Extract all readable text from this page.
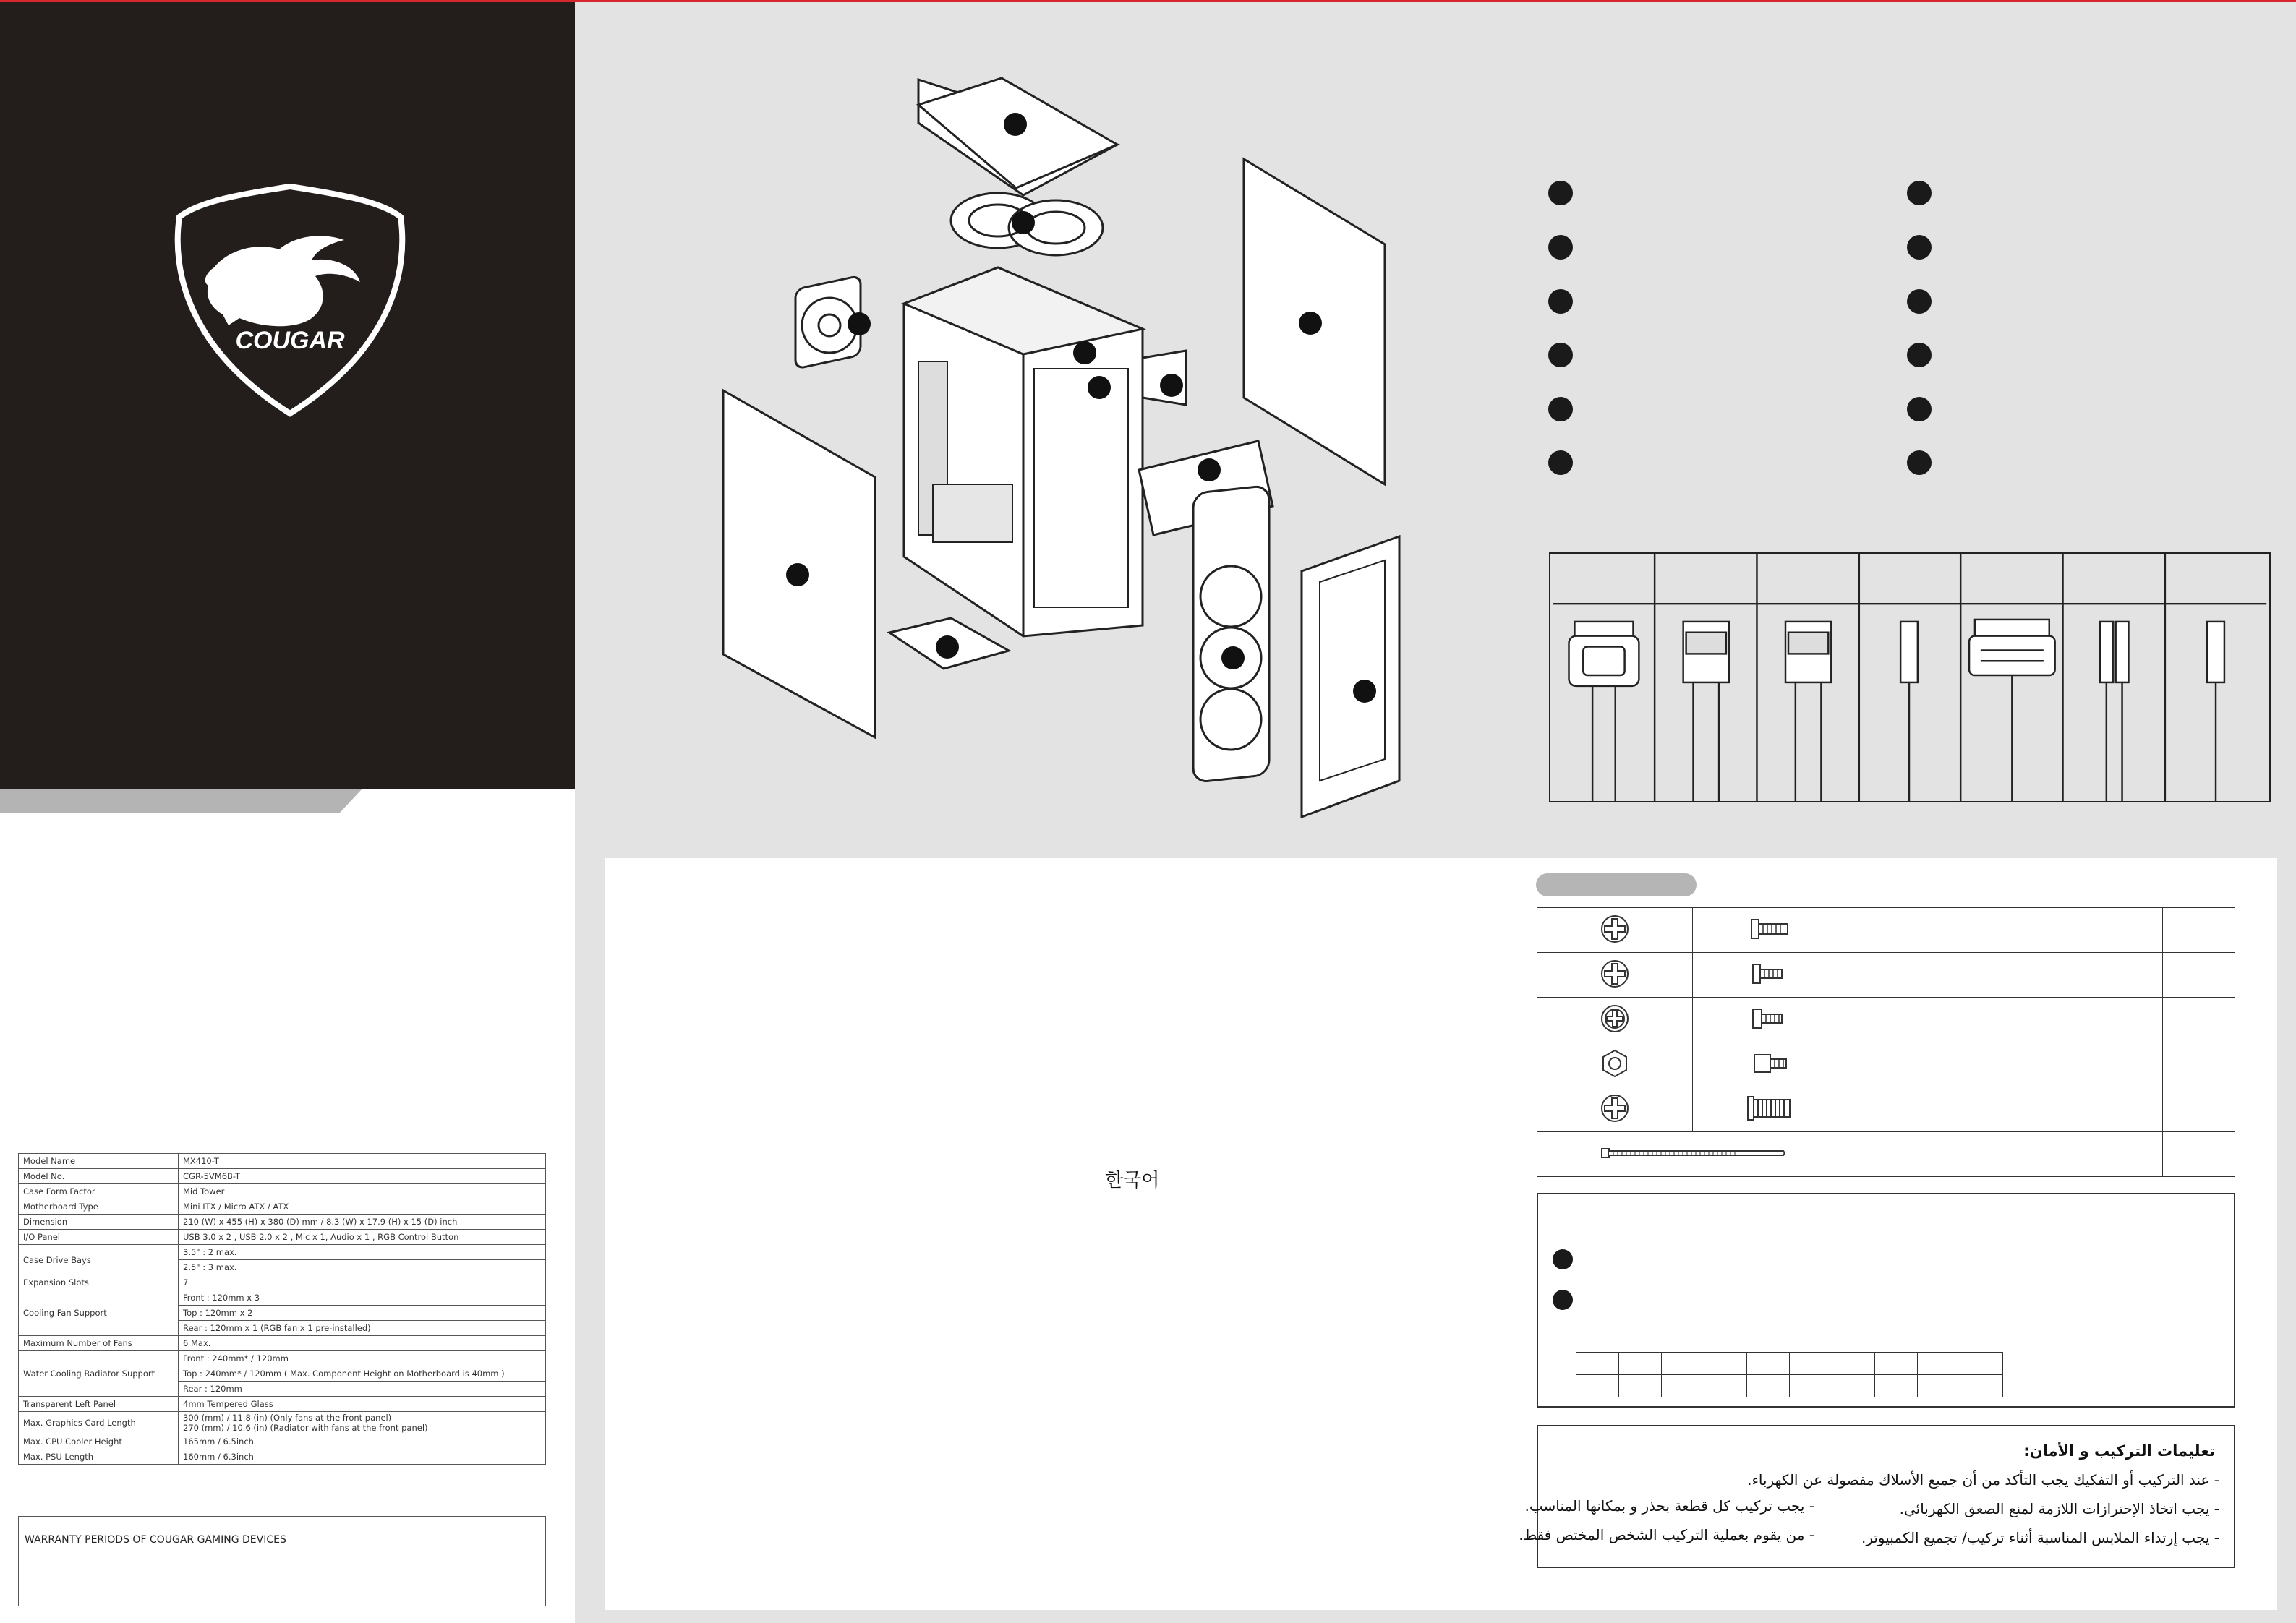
COUGAR
Model Name	MX410-T
Model No.	CGR-5VM6B-T
Case Form Factor	Mid Tower
Motherboard Type	Mini ITX / Micro ATX / ATX
Dimension	210 (W) x 455 (H) x 380 (D) mm / 8.3 (W) x 17.9 (H) x 15 (D) inch
I/O Panel	USB 3.0 x 2 , USB 2.0 x 2 , Mic x 1, Audio x 1 , RGB Control Button
Case Drive Bays	3.5" : 2 max.
	2.5" : 3 max.
Expansion Slots	7
Cooling Fan Support	Front : 120mm x 3
	Top : 120mm x 2
	Rear : 120mm x 1 (RGB fan x 1 pre-installed)
Maximum Number of Fans	6 Max.
Water Cooling Radiator Support	Front : 240mm* / 120mm
	Top : 240mm* / 120mm ( Max. Component Height on Motherboard is 40mm )
	Rear : 120mm
Transparent Left Panel	4mm Tempered Glass
Max. Graphics Card Length	300 (mm) / 11.8 (in) (Only fans at the front panel)
270 (mm) / 10.6 (in) (Radiator with fans at the front panel)
Max. CPU Cooler Height	165mm / 6.5inch
Max. PSU Length	160mm / 6.3inch
WARRANTY PERIODS OF COUGAR GAMING DEVICES

تعليمات التركيب و الأمان:
- عند التركيب أو التفكيك يجب التأكد من أن جميع الأسلاك مفصولة عن الكهرباء.
- يجب اتخاذ الإحترازات اللازمة لمنع الصعق الكهربائي.
- يجب إرتداء الملابس المناسبة أثناء تركيب/ تجميع الكمبيوتر.
- يجب تركيب كل قطعة بحذر و بمكانها المناسب.
- من يقوم بعملية التركيب الشخص المختص فقط.
한국어
